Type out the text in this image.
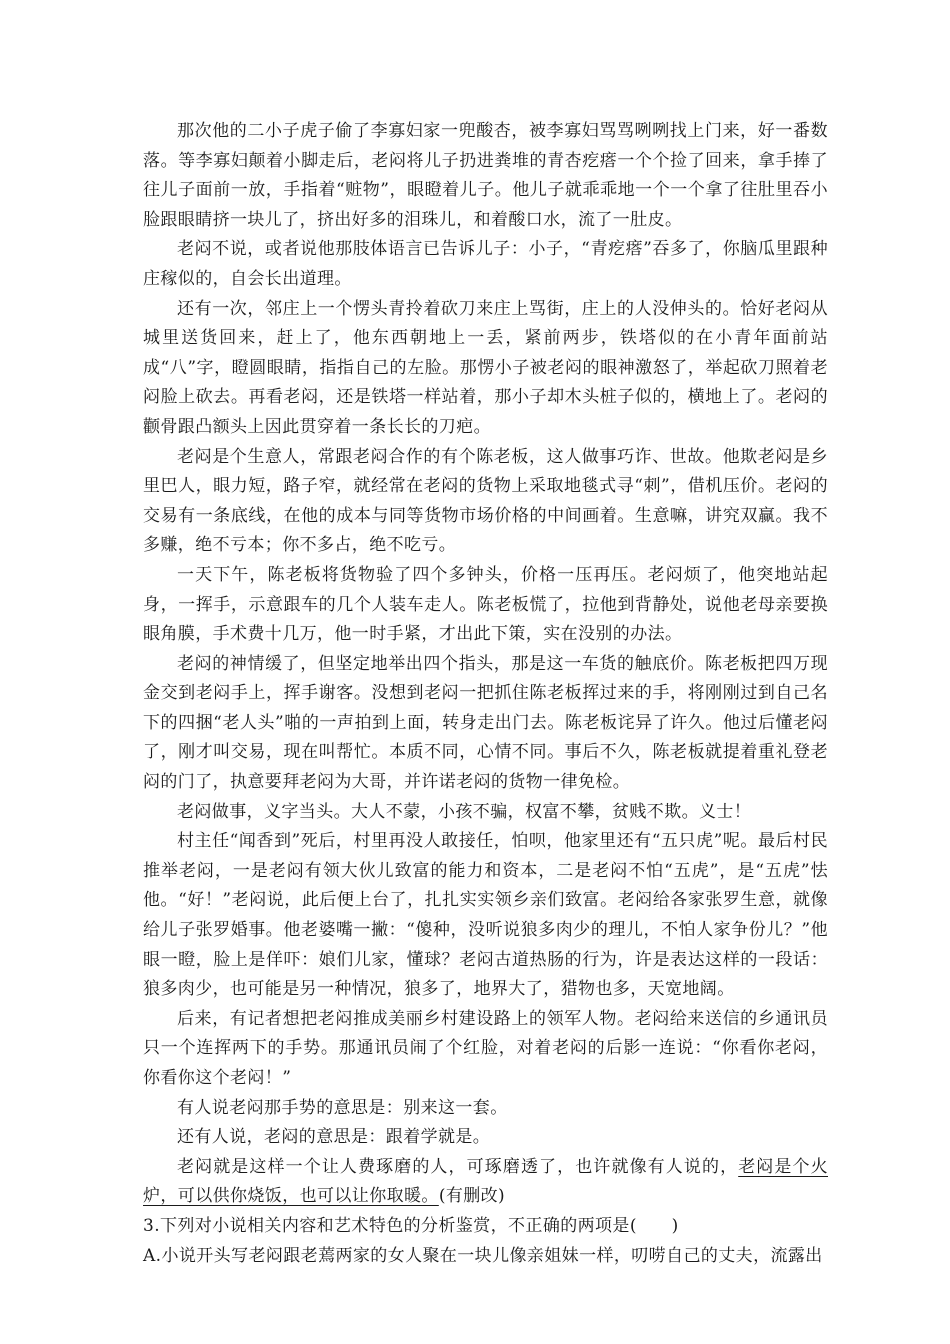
那次他的二小子虎子偷了李寡妇家一兜酸杏，被李寡妇骂骂咧咧找上门来，好一番数落。等李寡妇颠着小脚走后，老闷将儿子扔进粪堆的青杏疙瘩一个个捡了回来，拿手捧了往儿子面前一放，手指着“赃物”，眼瞪着儿子。他儿子就乖乖地一个一个拿了往肚里吞小脸跟眼睛挤一块儿了，挤出好多的泪珠儿，和着酸口水，流了一肚皮。

老闷不说，或者说他那肢体语言已告诉儿子：小子，“青疙瘩”吞多了，你脑瓜里跟种庄稼似的，自会长出道理。

还有一次，邻庄上一个愣头青拎着砍刀来庄上骂街，庄上的人没伸头的。恰好老闷从城里送货回来，赶上了，他东西朝地上一丢，紧前两步，铁塔似的在小青年面前站成“八”字，瞪圆眼睛，指指自己的左脸。那愣小子被老闷的眼神激怒了，举起砍刀照着老闷脸上砍去。再看老闷，还是铁塔一样站着，那小子却木头桩子似的，横地上了。老闷的颧骨跟凸额头上因此贯穿着一条长长的刀疤。

老闷是个生意人，常跟老闷合作的有个陈老板，这人做事巧诈、世故。他欺老闷是乡里巴人，眼力短，路子窄，就经常在老闷的货物上采取地毯式寻“刺”，借机压价。老闷的交易有一条底线，在他的成本与同等货物市场价格的中间画着。生意嘛，讲究双赢。我不多赚，绝不亏本；你不多占，绝不吃亏。

一天下午，陈老板将货物验了四个多钟头，价格一压再压。老闷烦了，他突地站起身，一挥手，示意跟车的几个人装车走人。陈老板慌了，拉他到背静处，说他老母亲要换眼角膜，手术费十几万，他一时手紧，才出此下策，实在没别的办法。

老闷的神情缓了，但坚定地举出四个指头，那是这一车货的触底价。陈老板把四万现金交到老闷手上，挥手谢客。没想到老闷一把抓住陈老板挥过来的手，将刚刚过到自己名下的四捆“老人头”啪的一声拍到上面，转身走出门去。陈老板诧异了许久。他过后懂老闷了，刚才叫交易，现在叫帮忙。本质不同，心情不同。事后不久，陈老板就提着重礼登老闷的门了，执意要拜老闷为大哥，并许诺老闷的货物一律免检。

老闷做事，义字当头。大人不蒙，小孩不骗，权富不攀，贫贱不欺。义士！

村主任“闻香到”死后，村里再没人敢接任，怕呗，他家里还有“五只虎”呢。最后村民推举老闷，一是老闷有领大伙儿致富的能力和资本，二是老闷不怕“五虎”，是“五虎”怯他。“好！”老闷说，此后便上台了，扎扎实实领乡亲们致富。老闷给各家张罗生意，就像给儿子张罗婚事。他老婆嘴一撇：“傻种，没听说狼多肉少的理儿，不怕人家争份儿？”他眼一瞪，脸上是佯吓：娘们儿家，懂球？老闷古道热肠的行为，许是表达这样的一段话：狼多肉少，也可能是另一种情况，狼多了，地界大了，猎物也多，天宽地阔。

后来，有记者想把老闷推成美丽乡村建设路上的领军人物。老闷给来送信的乡通讯员只一个连挥两下的手势。那通讯员闹了个红脸，对着老闷的后影一连说：“你看你老闷，你看你这个老闷！”

有人说老闷那手势的意思是：别来这一套。

还有人说，老闷的意思是：跟着学就是。

老闷就是这样一个让人费琢磨的人，可琢磨透了，也许就像有人说的，老闷是个火炉，可以供你烧饭，也可以让你取暖。(有删改)

3.下列对小说相关内容和艺术特色的分析鉴赏，不正确的两项是(　　)

A.小说开头写老闷跟老蔫两家的女人聚在一块儿像亲姐妹一样，叨唠自己的丈夫，流露出
